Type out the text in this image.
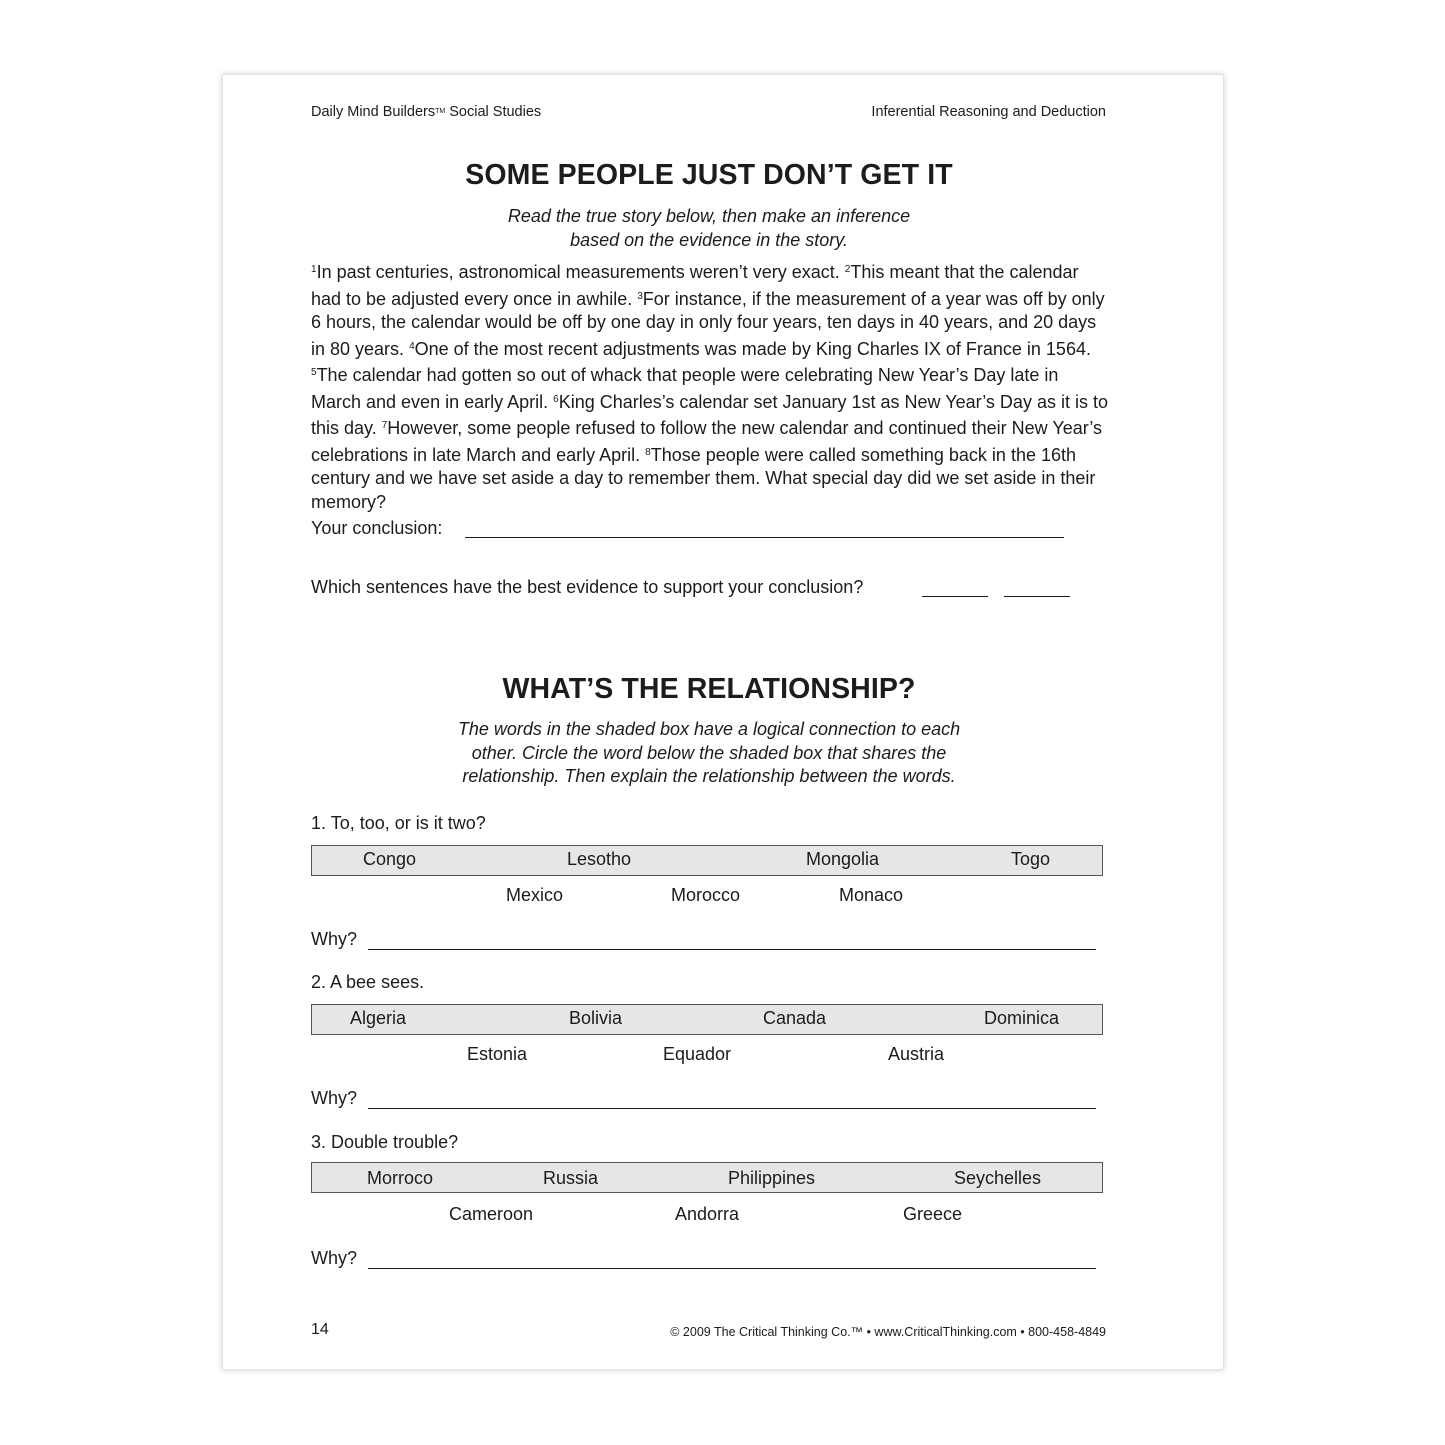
Daily Mind Builders™ Social Studies	Inferential Reasoning and Deduction
SOME PEOPLE JUST DON’T GET IT
Read the true story below, then make an inference
based on the evidence in the story.
$^1$In past centuries, astronomical measurements weren’t very exact. $^2$This meant that the calendar had to be adjusted every once in awhile. $^3$For instance, if the measurement of a year was off by only 6 hours, the calendar would be off by one day in only four years, ten days in 40 years, and 20 days in 80 years. $^4$One of the most recent adjustments was made by King Charles IX of France in 1564. $^5$The calendar had gotten so out of whack that people were celebrating New Year’s Day late in March and even in early April. $^6$King Charles’s calendar set January 1st as New Year’s Day as it is to this day. $^7$However, some people refused to follow the new calendar and continued their New Year’s celebrations in late March and early April. $^8$Those people were called something back in the 16th century and we have set aside a day to remember them. What special day did we set aside in their memory?
Your conclusion:
Which sentences have the best evidence to support your conclusion?
WHAT’S THE RELATIONSHIP?
The words in the shaded box have a logical connection to each
other. Circle the word below the shaded box that shares the
relationship. Then explain the relationship between the words.
1. To, too, or is it two?
Congo	Lesotho	Mongolia	Togo
Mexico	Morocco	Monaco
Why?
2. A bee sees.
Algeria	Bolivia	Canada	Dominica
Estonia	Equador	Austria
Why?
3. Double trouble?
Morroco	Russia	Philippines	Seychelles
Cameroon	Andorra	Greece
Why?
14	© 2009 The Critical Thinking Co.™ • www.CriticalThinking.com • 800-458-4849
